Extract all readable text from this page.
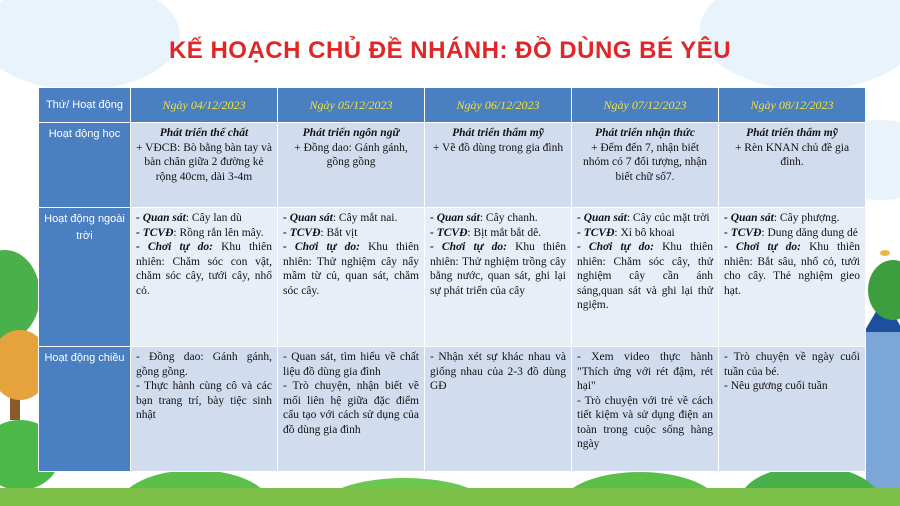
KẾ HOẠCH CHỦ ĐỀ NHÁNH: ĐỒ DÙNG BÉ YÊU
Thứ/ Hoạt động	Ngày 04/12/2023	Ngày 05/12/2023	Ngày 06/12/2023	Ngày 07/12/2023	Ngày 08/12/2023
Hoạt động học	Phát triển thể chất
+ VĐCB: Bò bằng bàn tay và bàn chân giữa 2 đường kẻ rộng 40cm, dài 3-4m	Phát triển ngôn ngữ
+ Đồng dao: Gánh gánh, gồng gồng	Phát triển thẩm mỹ
+ Vẽ đồ dùng trong gia đình	Phát triển nhận thức
+ Đếm đến 7, nhận biết nhóm có 7 đối tượng, nhận biết chữ số7.	Phát triển thẩm mỹ
+ Rèn KNAN chủ đề gia đình.

Hoạt động ngoài trời	- Quan sát: Cây lan dù
- TCVĐ: Rồng rắn lên mây.
- Chơi tự do: Khu thiên nhiên: Chăm sóc con vật, chăm sóc cây, tưới cây, nhổ cỏ.	- Quan sát: Cây mắt nai.
- TCVĐ: Bắt vịt
- Chơi tự do: Khu thiên nhiên: Thử nghiệm cây nẩy mầm từ củ, quan sát, chăm sóc cây.	- Quan sát: Cây chanh.
- TCVĐ: Bịt mắt bắt dê.
- Chơi tự do: Khu thiên nhiên: Thử nghiệm trồng cây bằng nước, quan sát, ghi lại sự phát triển của cây	- Quan sát: Cây cúc mặt trời
- TCVĐ: Xỉ bô khoai
- Chơi tự do: Khu thiên nhiên: Chăm sóc cây, thử nghiệm cây cần ánh sáng,quan sát và ghi lại thử ngiệm.	- Quan sát: Cây phượng.
- TCVĐ: Dung dăng dung dẻ
- Chơi tự do: Khu thiên nhiên: Bắt sâu, nhổ cỏ, tưới cho cây. Thẻ nghiệm gieo hạt.

Hoạt động chiều	- Đồng dao: Gánh gánh, gồng gồng.
- Thực hành cùng cô và các bạn trang trí, bày tiệc sinh nhật	- Quan sát, tìm hiểu về chất liệu đồ dùng gia đình
- Trò chuyện, nhận biết về mối liên hệ giữa đặc điểm cấu tạo với cách sử dụng của đồ dùng gia đình	- Nhận xét sự khác nhau và giống nhau của 2-3 đồ dùng GĐ	- Xem video thực hành "Thích ứng với rét đậm, rét hại"
- Trò chuyện với trẻ về cách tiết kiệm và sử dụng điện an toàn trong cuộc sống hàng ngày	- Trò chuyện về ngày cuối tuần của bé.
- Nêu gương cuối tuần
